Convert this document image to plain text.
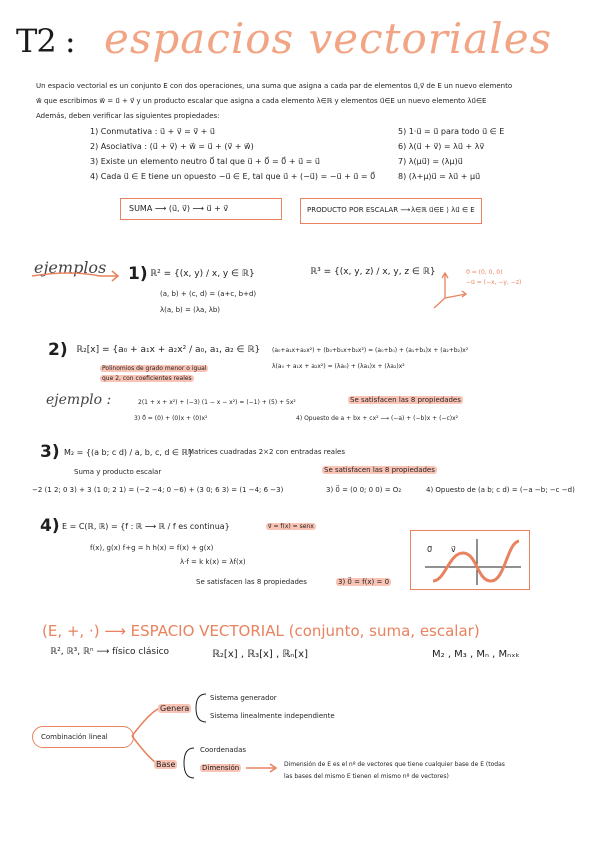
T2 : espacios vectoriales
Un espacio vectorial es un conjunto E con dos operaciones, una suma que asigna a cada par de elementos u⃗,v⃗ de E un nuevo elemento
w⃗ que escribimos w⃗ = u⃗ + v⃗ y un producto escalar que asigna a cada elemento λ∈ℝ y elementos u⃗∈E un nuevo elemento λu⃗∈E
Además, deben verificar las siguientes propiedades:
1) Conmutativa : u⃗ + v⃗ = v⃗ + u⃗
2) Asociativa : (u⃗ + v⃗) + w⃗ = u⃗ + (v⃗ + w⃗)
3) Existe un elemento neutro 0⃗ tal que u⃗ + 0⃗ = 0⃗ + u⃗ = u⃗
4) Cada u⃗ ∈ E tiene un opuesto −u⃗ ∈ E, tal que u⃗ + (−u⃗) = −u⃗ + u⃗ = 0⃗
5) 1·u⃗ = u⃗ para todo u⃗ ∈ E
6) λ(u⃗ + v⃗) = λu⃗ + λv⃗
7) λ(μu⃗) = (λμ)u⃗
8) (λ+μ)u⃗ = λu⃗ + μu⃗
SUMA ⟶ (u⃗, v⃗) ⟶ u⃗ + v⃗	PRODUCTO POR ESCALAR ⟶ λ∈ℝ u⃗∈E ⟩ λu⃗ ∈ E
ejemplos 1) ℝ² = {(x, y) / x, y ∈ ℝ}
(a, b) + (c, d) = (a+c, b+d)
λ(a, b) = (λa, λb)
ℝ³ = {(x, y, z) / x, y, z ∈ ℝ}	0⃗ = (0, 0, 0)
−u⃗ = (−x, −y, −z)
2) ℝ₂[x] = {a₀ + a₁x + a₂x² / a₀, a₁, a₂ ∈ ℝ}
Polinomios de grado menor o igual
que 2, con coeficientes reales
(a₀+a₁x+a₂x²) + (b₀+b₁x+b₂x²) = (a₀+b₀) + (a₁+b₁)x + (a₂+b₂)x²
λ(a₀ + a₁x + a₂x²) = (λa₀) + (λa₁)x + (λa₂)x²
ejemplo :	2(1 + x + x²) + (−3) (1 − x − x²) = (−1) + (5) + 5x²	Se satisfacen las 8 propiedades
3) 0⃗ = (0) + (0)x + (0)x²	4) Opuesto de a + bx + cx² ⟶ (−a) + (−b)x + (−c)x²
3) M₂ = {(a b; c d) / a, b, c, d ∈ ℝ}
Matrices cuadradas 2×2 con entradas reales
Suma y producto escalar
−2 (1 2; 0 3) + 3 (1 0; 2 1) = (−2 −4; 0 −6) + (3 0; 6 3) = (1 −4; 6 −3)
Se satisfacen las 8 propiedades
3) 0⃗ = (0 0; 0 0) = O₂	4) Opuesto de (a b; c d) = (−a −b; −c −d)
4) E = C(ℝ, ℝ) = {f : ℝ ⟶ ℝ / f es continua}	v⃗ = f(x) = senx
f(x), g(x) f+g = h h(x) = f(x) + g(x)
λ·f = k k(x) = λf(x)
Se satisfacen las 8 propiedades	3) 0⃗ = f(x) = 0
0⃗ v⃗
(E, +, ·) ⟶ ESPACIO VECTORIAL (conjunto, suma, escalar)
ℝ², ℝ³, ℝⁿ ⟶ físico clásico	ℝ₂[x] , ℝ₃[x] , ℝₙ[x]	M₂ , M₃ , Mₙ , Mₙₓₖ
Combinación lineal
Genera
Sistema generador
Sistema linealmente independiente
Base
Coordenadas
Dimensión	Dimensión de E es el nº de vectores que tiene cualquier base de E (todas
las bases del mismo E tienen el mismo nº de vectores)
